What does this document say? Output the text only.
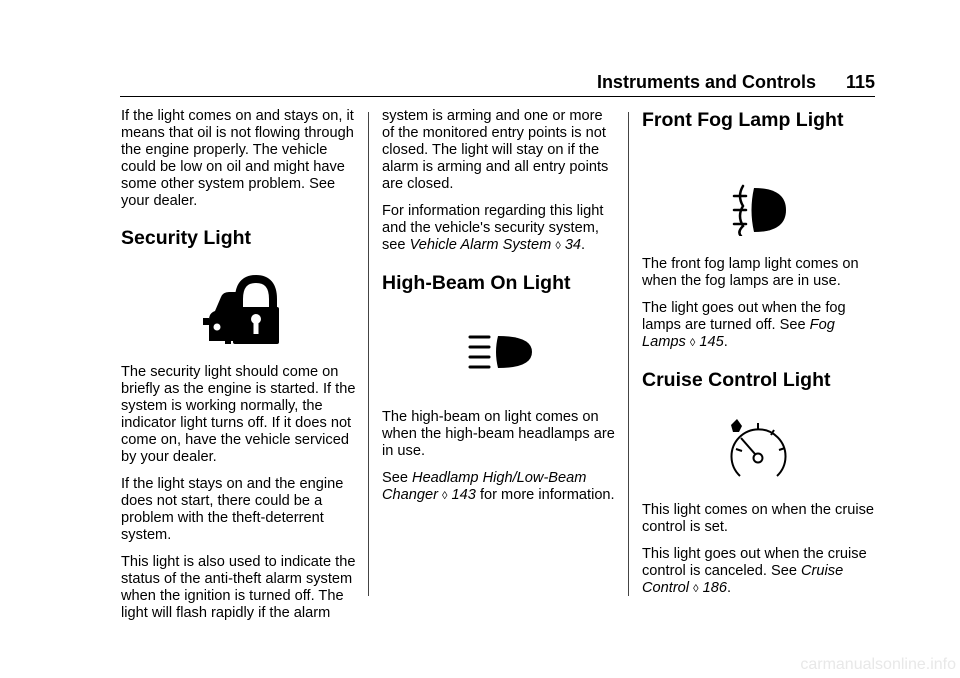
Instruments and Controls 115

If the light comes on and stays on, it means that oil is not flowing through the engine properly. The vehicle could be low on oil and might have some other system problem. See your dealer.

Security Light

The security light should come on briefly as the engine is started. If the system is working normally, the indicator light turns off. If it does not come on, have the vehicle serviced by your dealer.

If the light stays on and the engine does not start, there could be a problem with the theft-deterrent system.

This light is also used to indicate the status of the anti-theft alarm system when the ignition is turned off. The light will flash rapidly if the alarm

system is arming and one or more of the monitored entry points is not closed. The light will stay on if the alarm is arming and all entry points are closed.

For information regarding this light and the vehicle's security system, see Vehicle Alarm System ◊ 34.

High-Beam On Light

The high-beam on light comes on when the high-beam headlamps are in use.

See Headlamp High/Low-Beam Changer ◊ 143 for more information.

Front Fog Lamp Light

The front fog lamp light comes on when the fog lamps are in use.

The light goes out when the fog lamps are turned off. See Fog Lamps ◊ 145.

Cruise Control Light

This light comes on when the cruise control is set.

This light goes out when the cruise control is canceled. See Cruise Control ◊ 186.

carmanualsonline.info
